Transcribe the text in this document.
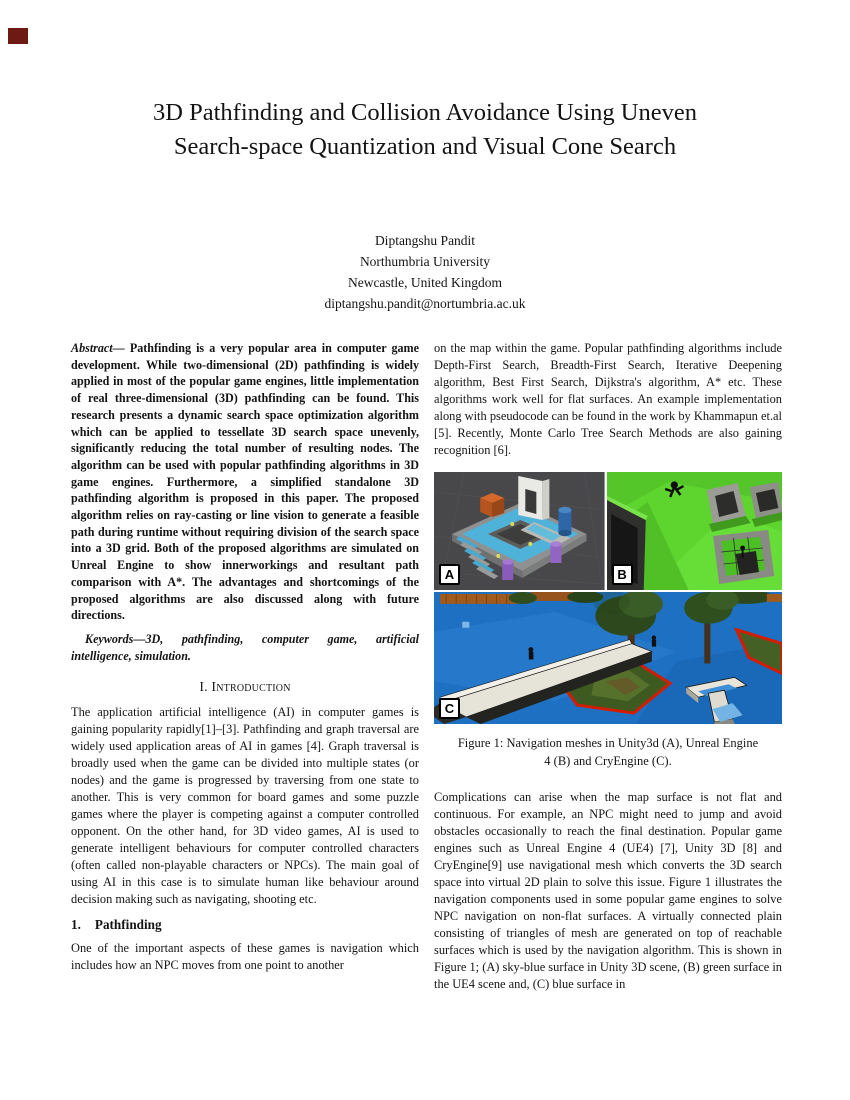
3D Pathfinding and Collision Avoidance Using Uneven
Search-space Quantization and Visual Cone Search
Diptangshu Pandit
Northumbria University
Newcastle, United Kingdom
diptangshu.pandit@nortumbria.ac.uk

Abstract— Pathfinding is a very popular area in computer game development. While two-dimensional (2D) pathfinding is widely applied in most of the popular game engines, little implementation of real three-dimensional (3D) pathfinding can be found. This research presents a dynamic search space optimization algorithm which can be applied to tessellate 3D search space unevenly, significantly reducing the total number of resulting nodes. The algorithm can be used with popular pathfinding algorithms in 3D game engines. Furthermore, a simplified standalone 3D pathfinding algorithm is proposed in this paper. The proposed algorithm relies on ray-casting or line vision to generate a feasible path during runtime without requiring division of the search space into a 3D grid. Both of the proposed algorithms are simulated on Unreal Engine to show innerworkings and resultant path comparison with A*. The advantages and shortcomings of the proposed algorithms are also discussed along with future directions.

Keywords—3D, pathfinding, computer game, artificial intelligence, simulation.

I. Introduction

The application artificial intelligence (AI) in computer games is gaining popularity rapidly[1]–[3]. Pathfinding and graph traversal are widely used application areas of AI in games [4]. Graph traversal is broadly used when the game can be divided into multiple states (or nodes) and the game is progressed by traversing from one state to another. This is very common for board games and some puzzle games where the player is competing against a computer controlled opponent. On the other hand, for 3D video games, AI is used to generate intelligent behaviours for computer controlled characters (often called non-playable characters or NPCs). The main goal of using AI in this case is to simulate human like behaviour around decision making such as navigating, shooting etc.

1. Pathfinding

One of the important aspects of these games is navigation which includes how an NPC moves from one point to another

on the map within the game. Popular pathfinding algorithms include Depth-First Search, Breadth-First Search, Iterative Deepening algorithm, Best First Search, Dijkstra's algorithm, A* etc. These algorithms work well for flat surfaces. An example implementation along with pseudocode can be found in the work by Khammapun et.al [5]. Recently, Monte Carlo Tree Search Methods are also gaining recognition [6].

A	B
C

Figure 1: Navigation meshes in Unity3d (A), Unreal Engine
4 (B) and CryEngine (C).

Complications can arise when the map surface is not flat and continuous. For example, an NPC might need to jump and avoid obstacles occasionally to reach the final destination. Popular game engines such as Unreal Engine 4 (UE4) [7], Unity 3D [8] and CryEngine[9] use navigational mesh which converts the 3D search space into virtual 2D plain to solve this issue. Figure 1 illustrates the navigation components used in some popular game engines to solve NPC navigation on non-flat surfaces. A virtually connected plain consisting of triangles of mesh are generated on top of reachable surfaces which is used by the navigation algorithm. This is shown in Figure 1; (A) sky-blue surface in Unity 3D scene, (B) green surface in the UE4 scene and, (C) blue surface in
